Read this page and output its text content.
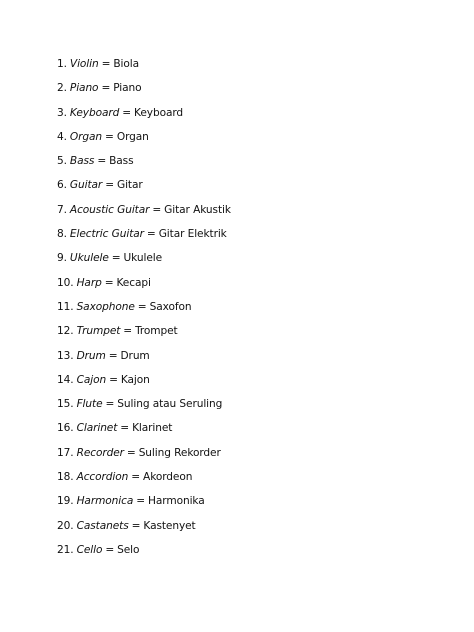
1. Violin = Biola
2. Piano = Piano
3. Keyboard = Keyboard
4. Organ = Organ
5. Bass = Bass
6. Guitar = Gitar
7. Acoustic Guitar = Gitar Akustik
8. Electric Guitar = Gitar Elektrik
9. Ukulele = Ukulele
10. Harp = Kecapi
11. Saxophone = Saxofon
12. Trumpet = Trompet
13. Drum = Drum
14. Cajon = Kajon
15. Flute = Suling atau Seruling
16. Clarinet = Klarinet
17. Recorder = Suling Rekorder
18. Accordion = Akordeon
19. Harmonica = Harmonika
20. Castanets = Kastenyet
21. Cello = Selo
